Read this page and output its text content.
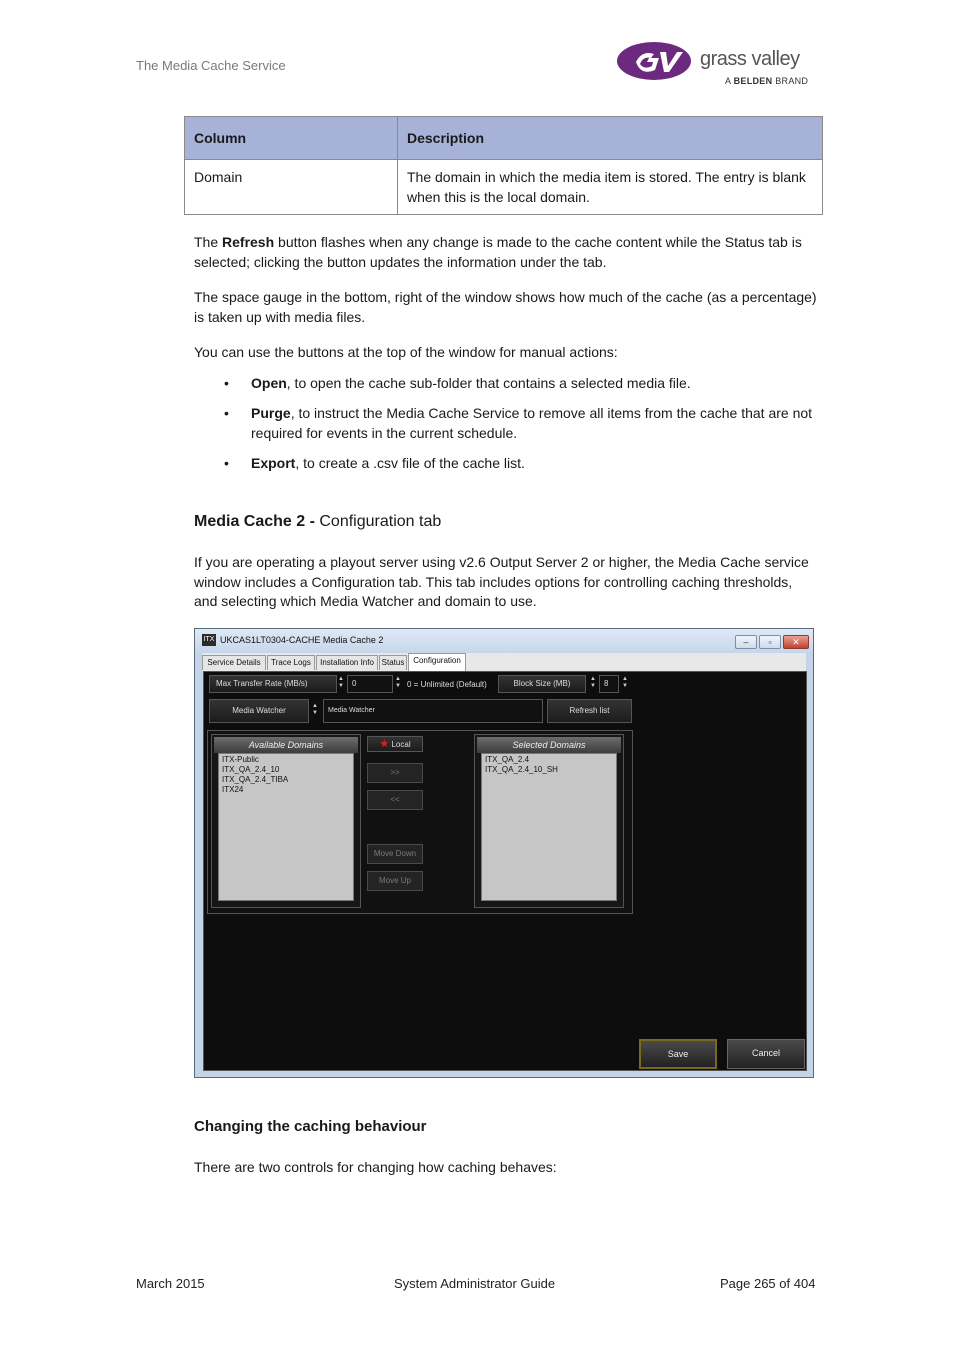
The Media Cache Service	grass valley
A BELDEN BRAND
Column	Description
Domain	The domain in which the media item is stored. The entry is blank when this is the local domain.
The Refresh button flashes when any change is made to the cache content while the Status tab is selected; clicking the button updates the information under the tab.
The space gauge in the bottom, right of the window shows how much of the cache (as a percentage) is taken up with media files.
You can use the buttons at the top of the window for manual actions:
• Open, to open the cache sub-folder that contains a selected media file.
• Purge, to instruct the Media Cache Service to remove all items from the cache that are not required for events in the current schedule.
• Export, to create a .csv file of the cache list.
Media Cache 2 - Configuration tab
If you are operating a playout server using v2.6 Output Server 2 or higher, the Media Cache service window includes a Configuration tab. This tab includes options for controlling caching thresholds, and selecting which Media Watcher and domain to use.
ITX UKCAS1LT0304-CACHE Media Cache 2	–	▫	✕
Service Details	Trace Logs	Installation Info Status	Configuration
Max Transfer Rate (MB/s)	▲
▼	0	▲
▼ 0 = Unlimited (Default)	Block Size (MB)	▲
▼	8	▲
▼
Media Watcher	▲
▼	Media Watcher	Refresh list
Available Domains
ITX-Public
ITX_QA_2.4_10
ITX_QA_2.4_TIBA
ITX24
★ Local
>>
<<
Move Down
Move Up
Selected Domains
ITX_QA_2.4
ITX_QA_2.4_10_SH
Save	Cancel
Changing the caching behaviour
There are two controls for changing how caching behaves:
March 2015	System Administrator Guide	Page 265 of 404
